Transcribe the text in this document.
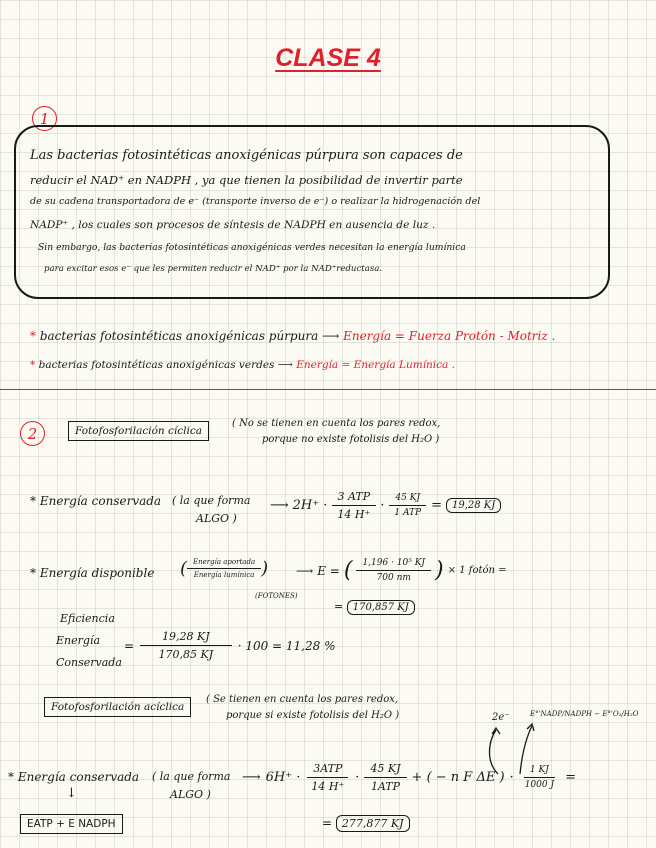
CLASE 4
1
Las bacterias fotosintéticas anoxigénicas púrpura son capaces de
reducir el NAD⁺ en NADPH , ya que tienen la posibilidad de invertir parte
de su cadena transportadora de e⁻ (transporte inverso de e⁻) o realizar la hidrogenación del
NADP⁺ , los cuales son procesos de síntesis de NADPH en ausencia de luz .
Sin embargo, las bacterias fotosintéticas anoxigénicas verdes necesitan la energía lumínica
para excitar esos e⁻ que les permiten reducir el NAD⁺ por la NAD⁺reductasa.
* bacterias fotosintéticas anoxigénicas púrpura ⟶ Energía = Fuerza Protón - Motriz .
* bacterias fotosintéticas anoxigénicas verdes ⟶ Energía = Energía Lumínica .
2	Fotofosforilación cíclica
( No se tienen en cuenta los pares redox,
porque no existe fotolisis del H₂O )
* Energía conservada ( la que forma
ALGO )
⟶ $2H^+ \cdot \frac{\text{3 ATP}}{14 H^+} \cdot \frac{45 KJ}{\text{1 ATP}}$ =	19,28 KJ
* Energía disponible ( $\frac{\text{Energía aportada}}{\text{Energía lumínica}}$ )
(FOTONES)
⟶ E = ( $\frac{\text{1,196 · 10⁵ KJ}}{700 nm}$ ) × 1 fotón =
= 170,857 KJ
Eficiencia
Energía
Conservada
= $\frac{19,28 KJ}{170,85 KJ} \cdot 100 = 11,28$ %
Fotofosforilación acíclica
( Se tienen en cuenta los pares redox,
porque si existe fotolisis del H₂O )	2e⁻	E°'NADP/NADPH − E°'O₂/H₂O
* Energía conservada ( la que forma
ALGO )
⟶ $6H^+ \cdot \frac{\text{3ATP}}{14 H^+} \cdot \frac{45 KJ}{\text{1ATP}}$ + ( − n F ΔE ) · $\frac{1 KJ}{1000 J}$ =
↓
EATP + E NADPH	= 277,877 KJ
